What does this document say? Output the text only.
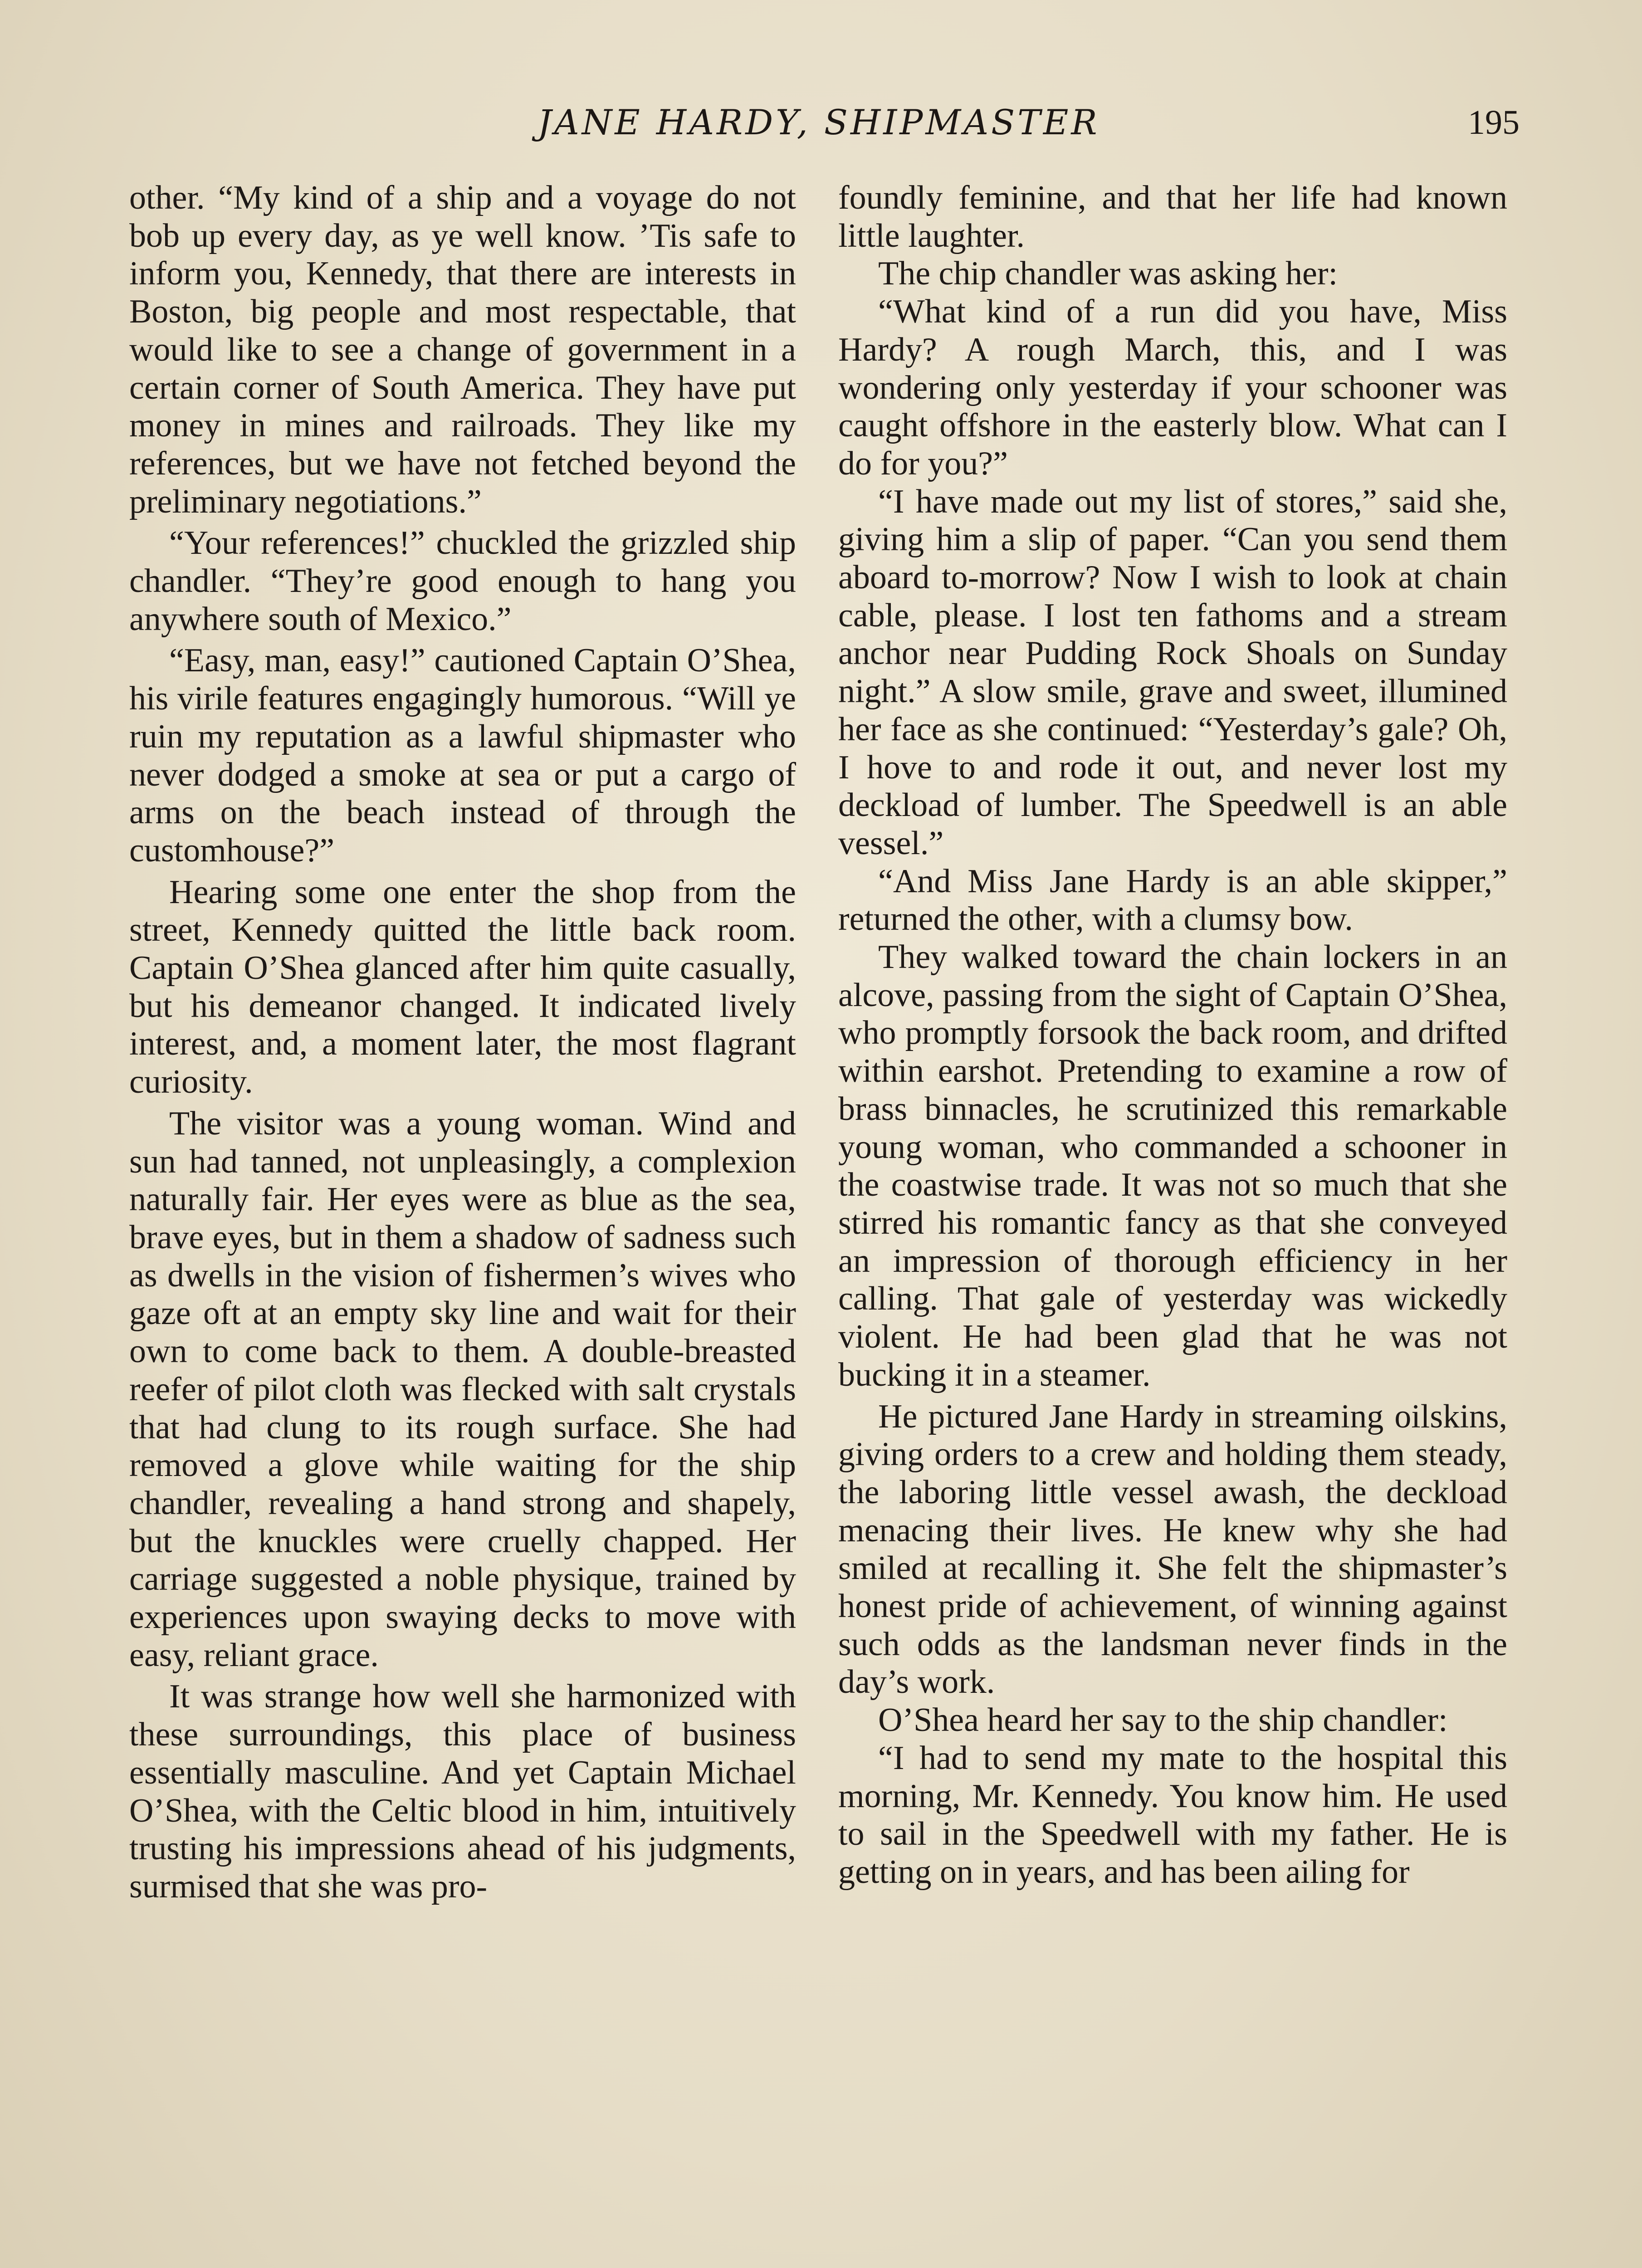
JANE HARDY, SHIPMASTER	195

other. “My kind of a ship and a voyage do not bob up every day, as ye well know. ’Tis safe to inform you, Kennedy, that there are interests in Boston, big people and most respectable, that would like to see a change of government in a certain corner of South America. They have put money in mines and railroads. They like my references, but we have not fetched beyond the preliminary negotiations.”

“Your references!” chuckled the grizzled ship chandler. “They’re good enough to hang you anywhere south of Mexico.”

“Easy, man, easy!” cautioned Captain O’Shea, his virile features engagingly humorous. “Will ye ruin my reputation as a lawful shipmaster who never dodged a smoke at sea or put a cargo of arms on the beach instead of through the customhouse?”

Hearing some one enter the shop from the street, Kennedy quitted the little back room. Captain O’Shea glanced after him quite casually, but his demeanor changed. It indicated lively interest, and, a moment later, the most flagrant curiosity.

The visitor was a young woman. Wind and sun had tanned, not unpleasingly, a complexion naturally fair. Her eyes were as blue as the sea, brave eyes, but in them a shadow of sadness such as dwells in the vision of fishermen’s wives who gaze oft at an empty sky line and wait for their own to come back to them. A double-breasted reefer of pilot cloth was flecked with salt crystals that had clung to its rough surface. She had removed a glove while waiting for the ship chandler, revealing a hand strong and shapely, but the knuckles were cruelly chapped. Her carriage suggested a noble physique, trained by experiences upon swaying decks to move with easy, reliant grace.

It was strange how well she harmonized with these surroundings, this place of business essentially masculine. And yet Captain Michael O’Shea, with the Celtic blood in him, intuitively trusting his impressions ahead of his judgments, surmised that she was pro-

foundly feminine, and that her life had known little laughter.

The chip chandler was asking her:

“What kind of a run did you have, Miss Hardy? A rough March, this, and I was wondering only yesterday if your schooner was caught offshore in the easterly blow. What can I do for you?”

“I have made out my list of stores,” said she, giving him a slip of paper. “Can you send them aboard to-morrow? Now I wish to look at chain cable, please. I lost ten fathoms and a stream anchor near Pudding Rock Shoals on Sunday night.” A slow smile, grave and sweet, illumined her face as she continued: “Yesterday’s gale? Oh, I hove to and rode it out, and never lost my deckload of lumber. The Speedwell is an able vessel.”

“And Miss Jane Hardy is an able skipper,” returned the other, with a clumsy bow.

They walked toward the chain lockers in an alcove, passing from the sight of Captain O’Shea, who promptly forsook the back room, and drifted within earshot. Pretending to examine a row of brass binnacles, he scrutinized this remarkable young woman, who commanded a schooner in the coastwise trade. It was not so much that she stirred his romantic fancy as that she conveyed an impression of thorough efficiency in her calling. That gale of yesterday was wickedly violent. He had been glad that he was not bucking it in a steamer.

He pictured Jane Hardy in streaming oilskins, giving orders to a crew and holding them steady, the laboring little vessel awash, the deckload menacing their lives. He knew why she had smiled at recalling it. She felt the shipmaster’s honest pride of achievement, of winning against such odds as the landsman never finds in the day’s work.

O’Shea heard her say to the ship chandler:

“I had to send my mate to the hospital this morning, Mr. Kennedy. You know him. He used to sail in the Speedwell with my father. He is getting on in years, and has been ailing for
